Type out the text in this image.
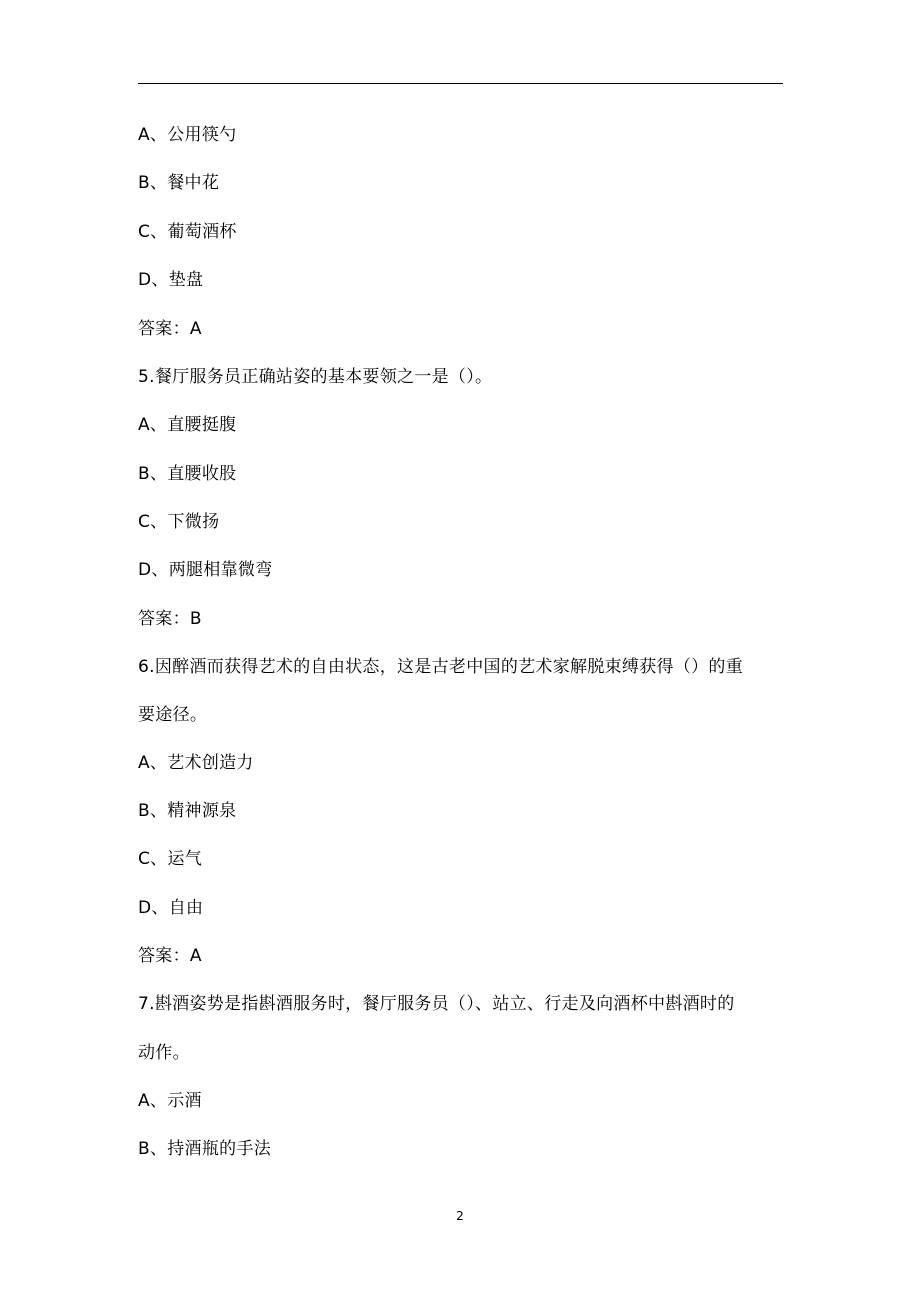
A、公用筷勺
B、餐中花
C、葡萄酒杯
D、垫盘
答案：A
5.餐厅服务员正确站姿的基本要领之一是（）。
A、直腰挺腹
B、直腰收股
C、下微扬
D、两腿相靠微弯
答案：B
6.因醉酒而获得艺术的自由状态，这是古老中国的艺术家解脱束缚获得（）的重
要途径。
A、艺术创造力
B、精神源泉
C、运气
D、自由
答案：A
7.斟酒姿势是指斟酒服务时，餐厅服务员（）、站立、行走及向酒杯中斟酒时的
动作。
A、示酒
B、持酒瓶的手法
2
